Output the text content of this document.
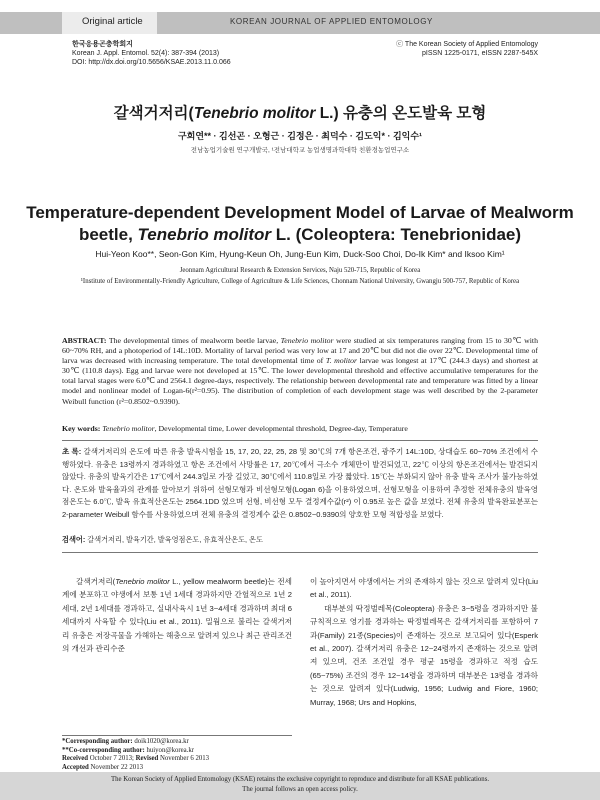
Original article	KOREAN JOURNAL OF APPLIED ENTOMOLOGY
한국응용곤충학회지
Korean J. Appl. Entomol. 52(4): 387-394 (2013)
DOI: http://dx.doi.org/10.5656/KSAE.2013.11.0.066
ⓒ The Korean Society of Applied Entomology
pISSN 1225-0171, eISSN 2287-545X
갈색거저리(Tenebrio molitor L.) 유충의 온도발육 모형
구희연** · 김선곤 · 오형근 · 김정은 · 최덕수 · 김도익* · 김익수¹
전남농업기술원 연구개발국, ¹전남대학교 농업생명과학대학 친환경농업연구소
Temperature-dependent Development Model of Larvae of Mealworm
beetle, Tenebrio molitor L. (Coleoptera: Tenebrionidae)
Hui-Yeon Koo**, Seon-Gon Kim, Hyung-Keun Oh, Jung-Eun Kim, Duck-Soo Choi, Do-Ik Kim* and Iksoo Kim¹
Jeonnam Agricultural Research & Extension Services, Naju 520-715, Republic of Korea
¹Institute of Environmentally-Friendly Agriculture, College of Agriculture & Life Sciences, Chonnam National University, Gwangju 500-757, Republic of Korea
ABSTRACT: The developmental times of mealworm beetle larvae, Tenebrio molitor were studied at six temperatures ranging from 15 to 30℃ with 60~70% RH, and a photoperiod of 14L:10D. Mortality of larval period was very low at 17 and 20℃ but did not die over 22℃. Developmental time of larva was decreased with increasing temperature. The total developmental time of T. molitor larvae was longest at 17℃ (244.3 days) and shortest at 30℃ (110.8 days). Egg and larvae were not developed at 15℃. The lower developmental threshold and effective accumulative temperatures for the total larval stages were 6.0℃ and 2564.1 degree-days, respectively. The relationship between developmental rate and temperature was fitted by a linear model and nonlinear model of Logan-6(r²=0.95). The distribution of completion of each development stage was well described by the 2-parameter Weibull function (r²=0.8502~0.9390).
Key words: Tenebrio molitor, Developmental time, Lower developmental threshold, Degree-day, Temperature
초 록: 갈색거저리의 온도에 따른 유충 발육시험을 15, 17, 20, 22, 25, 28 및 30℃의 7개 항온조건, 광주기 14L:10D, 상대습도 60~70% 조건에서 수행하였다. 유충은 13령까지 경과하였고 항온 조건에서 사망률은 17, 20℃에서 극소수 개체만이 발견되었고, 22℃ 이상의 항온조건에서는 발견되지 않았다. 유충의 발육기간은 17℃에서 244.3일로 가장 길었고, 30℃에서 110.8일로 가장 짧았다. 15℃는 부화되지 않아 유충 발육 조사가 불가능하였다. 온도와 발육율과의 관계를 알아보기 위하여 선형모형과 비선형모형(Logan 6)을 이용하였으며, 선형모형을 이용하여 추정한 전체유충의 발육영점온도는 6.0℃, 발육 유효적산온도는 2564.1DD 였으며 선형, 비선형 모두 결정계수값(r²) 이 0.95로 높은 값을 보였다. 전체 유충의 발육완료분포는 2-parameter Weibull 함수를 사용하였으며 전체 유충의 결정계수 값은 0.8502~0.9390의 양호한 모형 적합성을 보였다.
검색어: 갈색거저리, 발육기간, 발육영점온도, 유효적산온도, 온도
갈색거저리(Tenebrio molitor L., yellow mealworm beetle)는 전세계에 분포하고 야생에서 보통 1년 1세대 경과하지만 간헐적으로 1년 2세대, 2년 1세대를 경과하고, 실내사육시 1년 3~4세대 경과하며 최대 6세대까지 사육할 수 있다(Liu et al., 2011). 밀웜으로 불리는 갈색거저리 유충은 저장곡물을 가해하는 해충으로 알려져 있으나 최근 관리조건의 개선과 관리수준

이 높아지면서 야생에서는 거의 존재하지 않는 것으로 알려져 있다(Liu et al., 2011).

대부분의 딱정벌레목(Coleoptera) 유충은 3~5령을 경과하지만 불규칙적으로 영기를 경과하는 딱정벌레목은 갈색거저리를 포함하여 7과(Family) 21종(Species)이 존재하는 것으로 보고되어 있다(Esperk et al., 2007). 갈색거저리 유충은 12~24령까지 존재하는 것으로 알려져 있으며, 건조 조건일 경우 평균 15령을 경과하고 적정 습도(65~75%) 조건의 경우 12~14령을 경과하며 대부분은 13령을 경과하는 것으로 알려져 있다(Ludwig, 1956; Ludwig and Fiore, 1960; Murray, 1968; Urs and Hopkins,

*Corresponding author: doik1020@korea.kr
**Co-corresponding author: huiyon@korea.kr
Received October 7 2013; Revised November 6 2013
Accepted November 22 2013
The Korean Society of Applied Entomology (KSAE) retains the exclusive copyright to reproduce and distribute for all KSAE publications.
The journal follows an open access policy.
